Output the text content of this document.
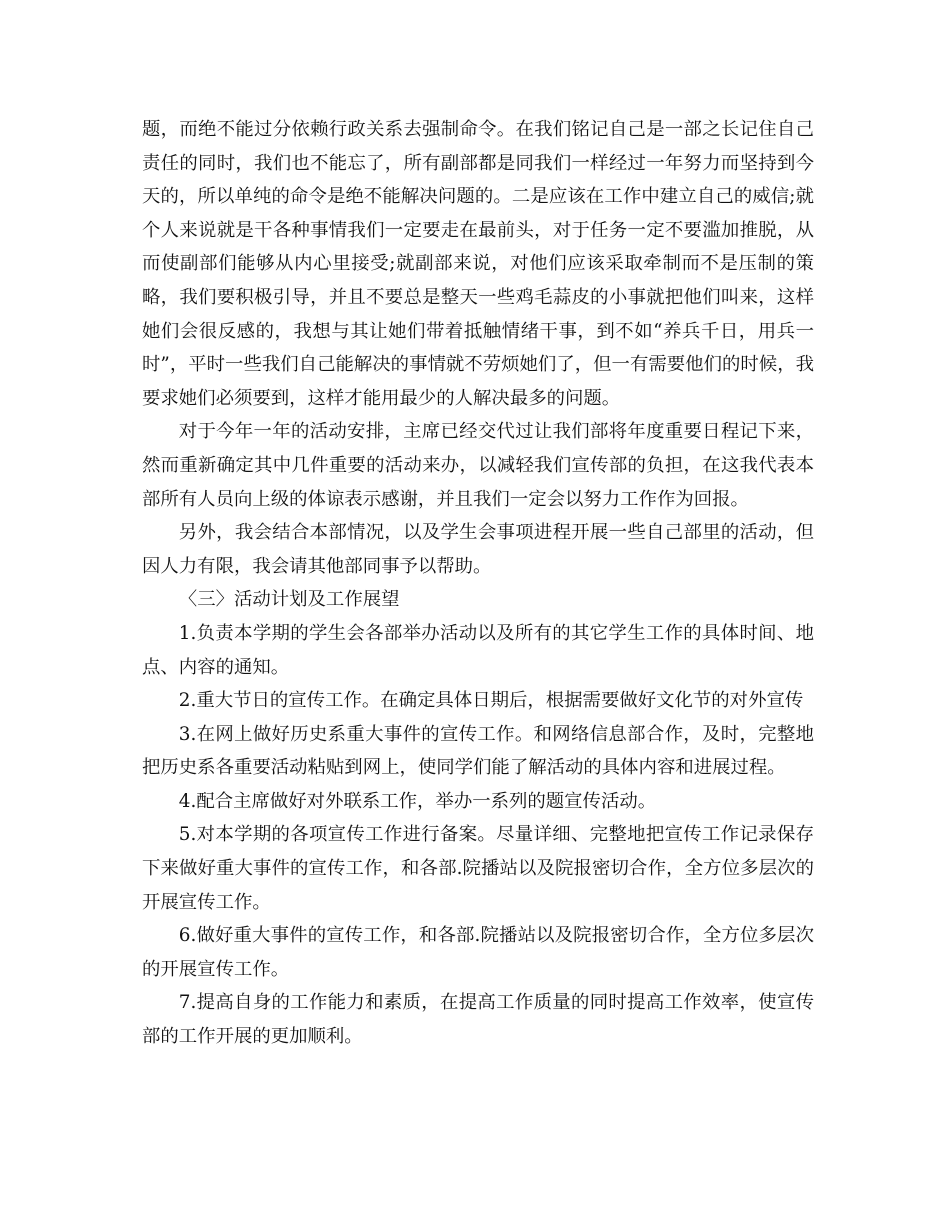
题，而绝不能过分依赖行政关系去强制命令。在我们铭记自己是一部之长记住自己责任的同时，我们也不能忘了，所有副部都是同我们一样经过一年努力而坚持到今天的，所以单纯的命令是绝不能解决问题的。二是应该在工作中建立自己的威信;就个人来说就是干各种事情我们一定要走在最前头，对于任务一定不要滥加推脱，从而使副部们能够从内心里接受;就副部来说，对他们应该采取牵制而不是压制的策略，我们要积极引导，并且不要总是整天一些鸡毛蒜皮的小事就把他们叫来，这样她们会很反感的，我想与其让她们带着抵触情绪干事，到不如“养兵千日，用兵一时”，平时一些我们自己能解决的事情就不劳烦她们了，但一有需要他们的时候，我要求她们必须要到，这样才能用最少的人解决最多的问题。

对于今年一年的活动安排，主席已经交代过让我们部将年度重要日程记下来，然而重新确定其中几件重要的活动来办，以减轻我们宣传部的负担，在这我代表本部所有人员向上级的体谅表示感谢，并且我们一定会以努力工作作为回报。

另外，我会结合本部情况，以及学生会事项进程开展一些自己部里的活动，但因人力有限，我会请其他部同事予以帮助。

〈三〉活动计划及工作展望

1.负责本学期的学生会各部举办活动以及所有的其它学生工作的具体时间、地点、内容的通知。

2.重大节日的宣传工作。在确定具体日期后，根据需要做好文化节的对外宣传

3.在网上做好历史系重大事件的宣传工作。和网络信息部合作，及时，完整地把历史系各重要活动粘贴到网上，使同学们能了解活动的具体内容和进展过程。

4.配合主席做好对外联系工作，举办一系列的题宣传活动。

5.对本学期的各项宣传工作进行备案。尽量详细、完整地把宣传工作记录保存下来做好重大事件的宣传工作，和各部.院播站以及院报密切合作，全方位多层次的开展宣传工作。

6.做好重大事件的宣传工作，和各部.院播站以及院报密切合作，全方位多层次的开展宣传工作。

7.提高自身的工作能力和素质，在提高工作质量的同时提高工作效率，使宣传部的工作开展的更加顺利。
